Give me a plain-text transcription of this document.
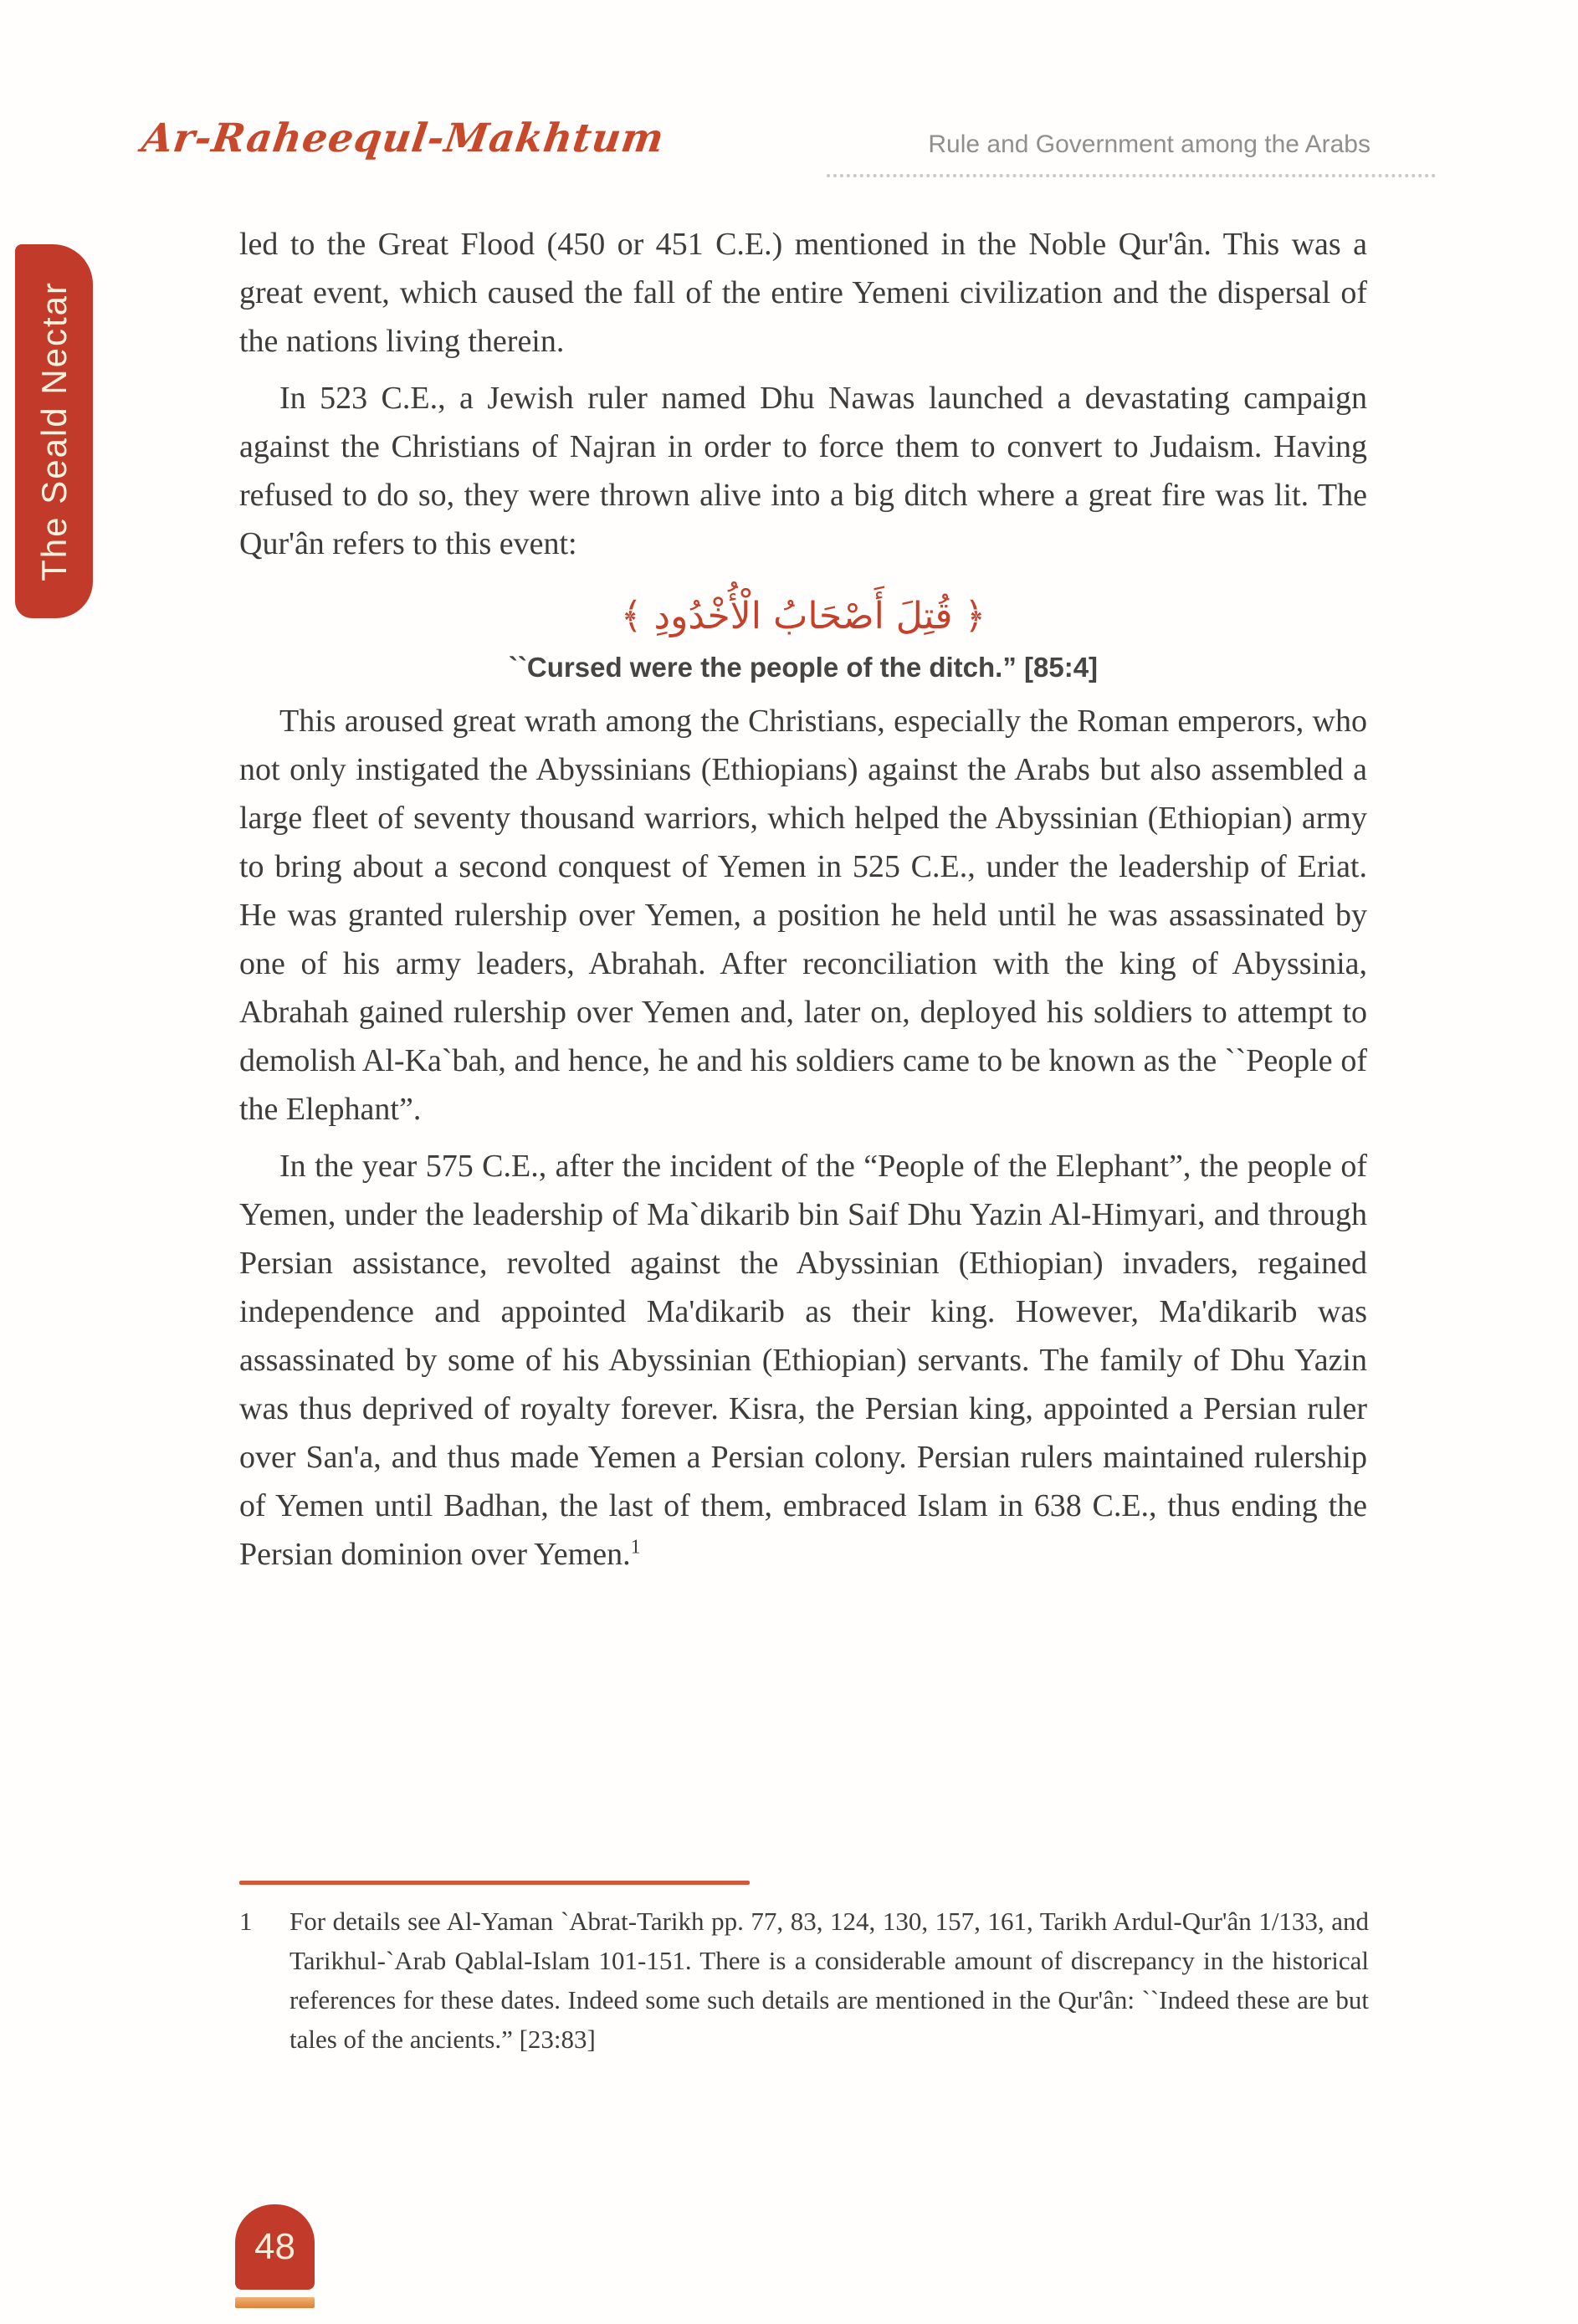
Ar-Raheequl-Makhtum	Rule and Government among the Arabs
The Seald Nectar

led to the Great Flood (450 or 451 C.E.) mentioned in the Noble Qur'ân. This was a great event, which caused the fall of the entire Yemeni civilization and the dispersal of the nations living therein.

In 523 C.E., a Jewish ruler named Dhu Nawas launched a devastating campaign against the Christians of Najran in order to force them to convert to Judaism. Having refused to do so, they were thrown alive into a big ditch where a great fire was lit. The Qur'ân refers to this event:

﴿ قُتِلَ أَصْحَابُ الْأُخْدُودِ ﴾
``Cursed were the people of the ditch.” [85:4]

This aroused great wrath among the Christians, especially the Roman emperors, who not only instigated the Abyssinians (Ethiopians) against the Arabs but also assembled a large fleet of seventy thousand warriors, which helped the Abyssinian (Ethiopian) army to bring about a second conquest of Yemen in 525 C.E., under the leadership of Eriat. He was granted rulership over Yemen, a position he held until he was assassinated by one of his army leaders, Abrahah. After reconciliation with the king of Abyssinia, Abrahah gained rulership over Yemen and, later on, deployed his soldiers to attempt to demolish Al-Ka`bah, and hence, he and his soldiers came to be known as the ``People of the Elephant”.

In the year 575 C.E., after the incident of the “People of the Elephant”, the people of Yemen, under the leadership of Ma`dikarib bin Saif Dhu Yazin Al-Himyari, and through Persian assistance, revolted against the Abyssinian (Ethiopian) invaders, regained independence and appointed Ma'dikarib as their king. However, Ma'dikarib was assassinated by some of his Abyssinian (Ethiopian) servants. The family of Dhu Yazin was thus deprived of royalty forever. Kisra, the Persian king, appointed a Persian ruler over San'a, and thus made Yemen a Persian colony. Persian rulers maintained rulership of Yemen until Badhan, the last of them, embraced Islam in 638 C.E., thus ending the Persian dominion over Yemen.$^1$

1	For details see Al-Yaman `Abrat-Tarikh pp. 77, 83, 124, 130, 157, 161, Tarikh Ardul-Qur'ân 1/133, and Tarikhul-`Arab Qablal-Islam 101-151. There is a considerable amount of discrepancy in the historical references for these dates. Indeed some such details are mentioned in the Qur'ân: ``Indeed these are but tales of the ancients.” [23:83]
48
